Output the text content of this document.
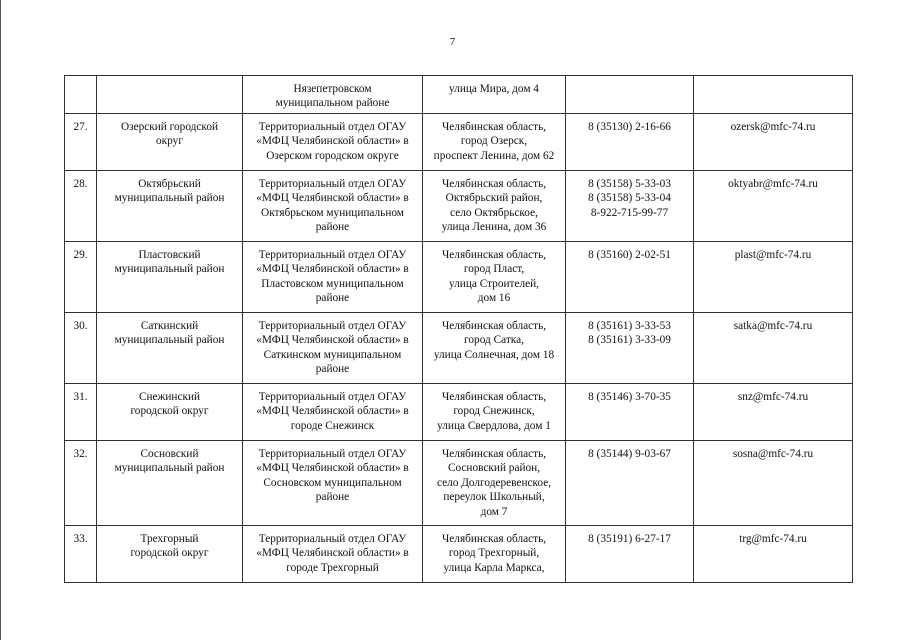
7

		Нязепетровском
муниципальном районе	улица Мира, дом 4		

27.	Озерский городской
округ	Территориальный отдел ОГАУ
«МФЦ Челябинской области» в
Озерском городском округе	Челябинская область,
город Озерск,
проспект Ленина, дом 62	8 (35130) 2-16-66	ozersk@mfc-74.ru
28.	Октябрьский
муниципальный район	Территориальный отдел ОГАУ
«МФЦ Челябинской области» в
Октябрьском муниципальном
районе	Челябинская область,
Октябрьский район,
село Октябрьское,
улица Ленина, дом 36	8 (35158) 5-33-03
8 (35158) 5-33-04
8-922-715-99-77	oktyabr@mfc-74.ru
29.	Пластовский
муниципальный район	Территориальный отдел ОГАУ
«МФЦ Челябинской области» в
Пластовском муниципальном
районе	Челябинская область,
город Пласт,
улица Строителей,
дом 16	8 (35160) 2-02-51	plast@mfc-74.ru
30.	Саткинский
муниципальный район	Территориальный отдел ОГАУ
«МФЦ Челябинской области» в
Саткинском муниципальном
районе	Челябинская область,
город Сатка,
улица Солнечная, дом 18	8 (35161) 3-33-53
8 (35161) 3-33-09	satka@mfc-74.ru
31.	Снежинский
городской округ	Территориальный отдел ОГАУ
«МФЦ Челябинской области» в
городе Снежинск	Челябинская область,
город Снежинск,
улица Свердлова, дом 1	8 (35146) 3-70-35	snz@mfc-74.ru
32.	Сосновский
муниципальный район	Территориальный отдел ОГАУ
«МФЦ Челябинской области» в
Сосновском муниципальном
районе	Челябинская область,
Сосновский район,
село Долгодеревенское,
переулок Школьный,
дом 7	8 (35144) 9-03-67	sosna@mfc-74.ru
33.	Трехгорный
городской округ	Территориальный отдел ОГАУ
«МФЦ Челябинской области» в
городе Трехгорный	Челябинская область,
город Трехгорный,
улица Карла Маркса,	8 (35191) 6-27-17	trg@mfc-74.ru
